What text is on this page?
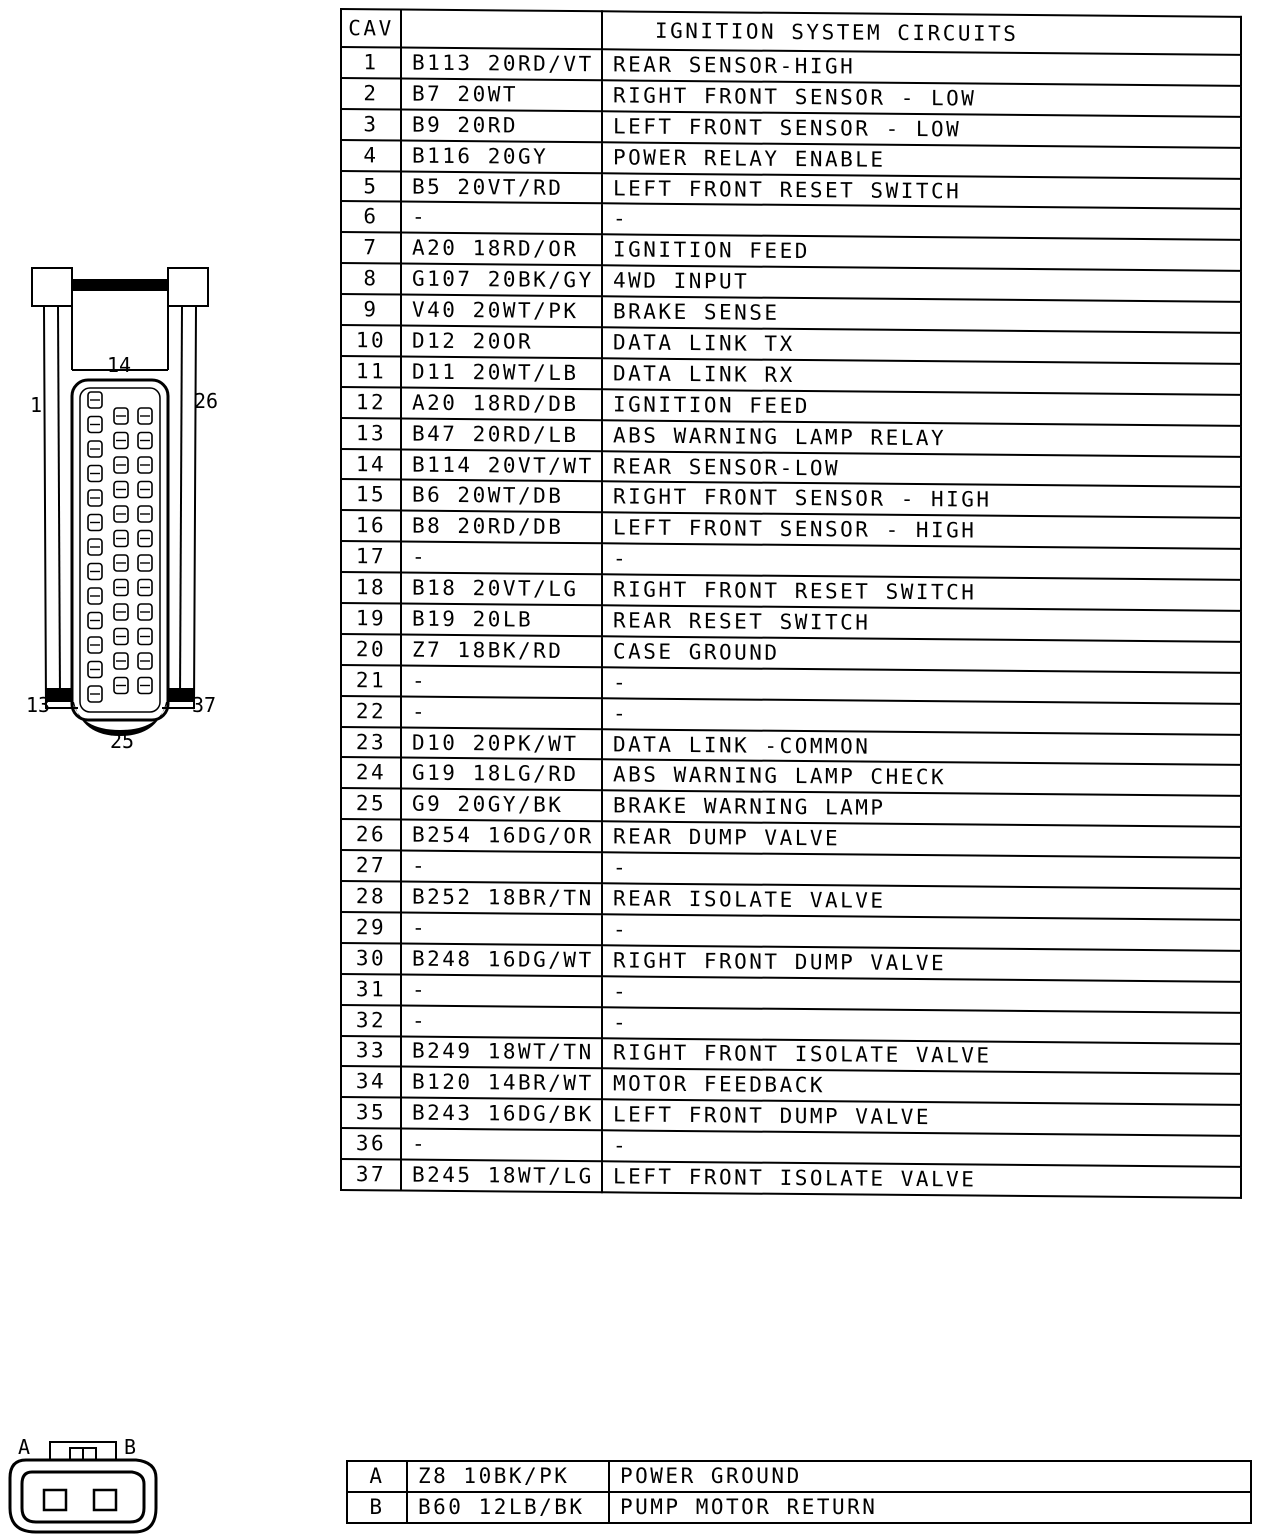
14
1	26
13	37
25
CAV		IGNITION SYSTEM CIRCUITS
1	B113 20RD/VT	REAR SENSOR-HIGH
2	B7 20WT	RIGHT FRONT SENSOR - LOW
3	B9 20RD	LEFT FRONT SENSOR - LOW
4	B116 20GY	POWER RELAY ENABLE
5	B5 20VT/RD	LEFT FRONT RESET SWITCH
6	-	-
7	A20 18RD/OR	IGNITION FEED
8	G107 20BK/GY	4WD INPUT
9	V40 20WT/PK	BRAKE SENSE
10	D12 20OR	DATA LINK TX
11	D11 20WT/LB	DATA LINK RX
12	A20 18RD/DB	IGNITION FEED
13	B47 20RD/LB	ABS WARNING LAMP RELAY
14	B114 20VT/WT	REAR SENSOR-LOW
15	B6 20WT/DB	RIGHT FRONT SENSOR - HIGH
16	B8 20RD/DB	LEFT FRONT SENSOR - HIGH
17	-	-
18	B18 20VT/LG	RIGHT FRONT RESET SWITCH
19	B19 20LB	REAR RESET SWITCH
20	Z7 18BK/RD	CASE GROUND
21	-	-
22	-	-
23	D10 20PK/WT	DATA LINK -COMMON
24	G19 18LG/RD	ABS WARNING LAMP CHECK
25	G9 20GY/BK	BRAKE WARNING LAMP
26	B254 16DG/OR	REAR DUMP VALVE
27	-	-
28	B252 18BR/TN	REAR ISOLATE VALVE
29	-	-
30	B248 16DG/WT	RIGHT FRONT DUMP VALVE
31	-	-
32	-	-
33	B249 18WT/TN	RIGHT FRONT ISOLATE VALVE
34	B120 14BR/WT	MOTOR FEEDBACK
35	B243 16DG/BK	LEFT FRONT DUMP VALVE
36	-	-
37	B245 18WT/LG	LEFT FRONT ISOLATE VALVE
A	B
A	Z8 10BK/PK	POWER GROUND
B	B60 12LB/BK	PUMP MOTOR RETURN
